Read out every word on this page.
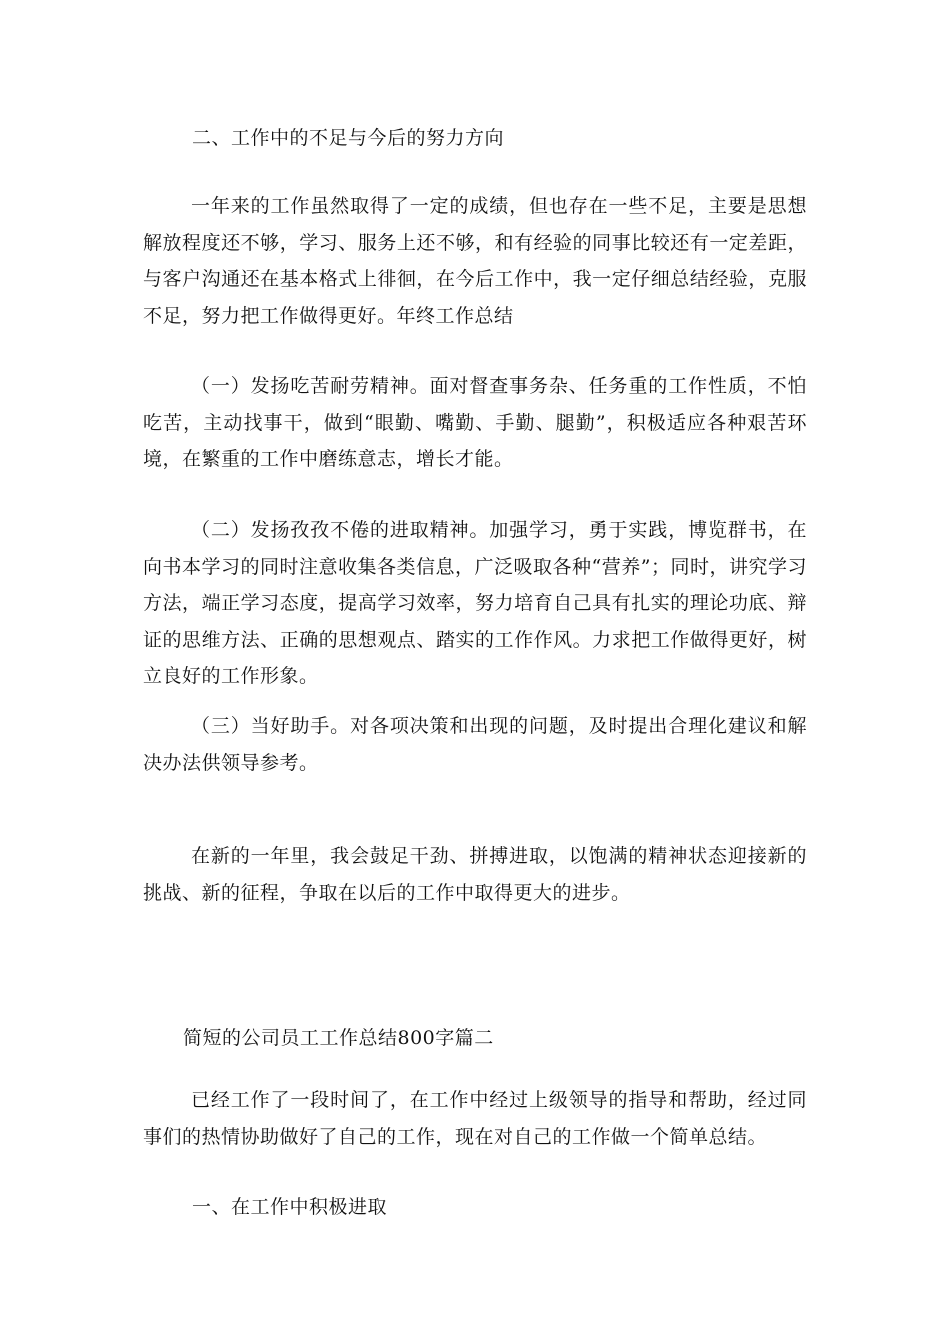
二、工作中的不足与今后的努力方向

一年来的工作虽然取得了一定的成绩，但也存在一些不足，主要是思想解放程度还不够，学习、服务上还不够，和有经验的同事比较还有一定差距，与客户沟通还在基本格式上徘徊，在今后工作中，我一定仔细总结经验，克服不足，努力把工作做得更好。年终工作总结

（一）发扬吃苦耐劳精神。面对督查事务杂、任务重的工作性质，不怕吃苦，主动找事干，做到“眼勤、嘴勤、手勤、腿勤”，积极适应各种艰苦环境，在繁重的工作中磨练意志，增长才能。

（二）发扬孜孜不倦的进取精神。加强学习，勇于实践，博览群书，在向书本学习的同时注意收集各类信息，广泛吸取各种“营养”；同时，讲究学习方法，端正学习态度，提高学习效率，努力培育自己具有扎实的理论功底、辩证的思维方法、正确的思想观点、踏实的工作作风。力求把工作做得更好，树立良好的工作形象。

（三）当好助手。对各项决策和出现的问题，及时提出合理化建议和解决办法供领导参考。

在新的一年里，我会鼓足干劲、拼搏进取，以饱满的精神状态迎接新的挑战、新的征程，争取在以后的工作中取得更大的进步。

简短的公司员工工作总结800字篇二

已经工作了一段时间了，在工作中经过上级领导的指导和帮助，经过同事们的热情协助做好了自己的工作，现在对自己的工作做一个简单总结。

一、在工作中积极进取
